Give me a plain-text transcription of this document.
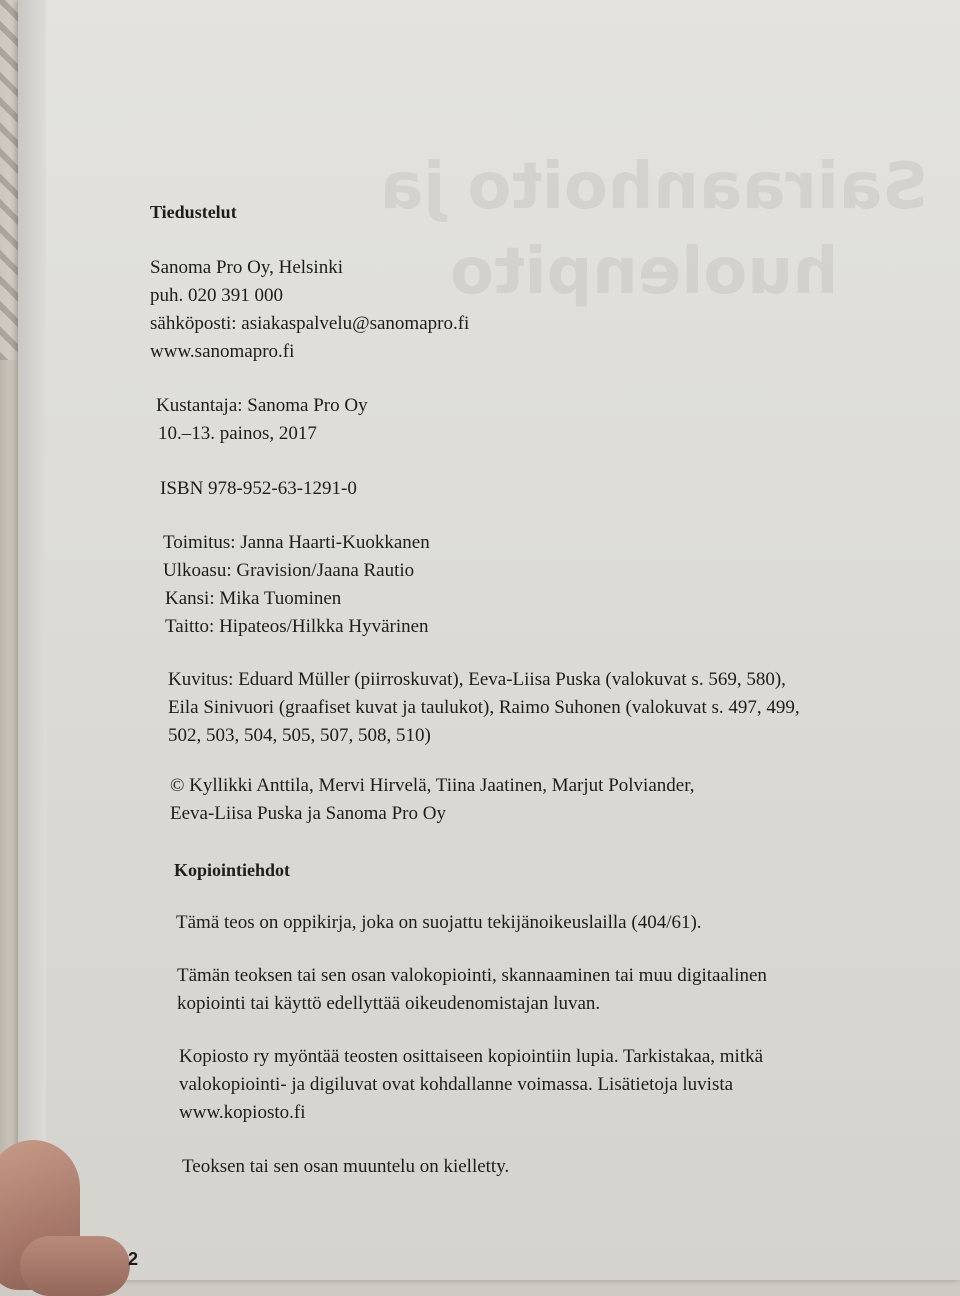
Sairaanhoito ja
huolenpito

Tiedustelut

Sanoma Pro Oy, Helsinki

puh. 020 391 000

sähköposti: asiakaspalvelu@sanomapro.fi

www.sanomapro.fi

Kustantaja: Sanoma Pro Oy

10.–13. painos, 2017

ISBN 978-952-63-1291-0

Toimitus: Janna Haarti-Kuokkanen

Ulkoasu: Gravision/Jaana Rautio

Kansi: Mika Tuominen

Taitto: Hipateos/Hilkka Hyvärinen

Kuvitus: Eduard Müller (piirroskuvat), Eeva-Liisa Puska (valokuvat s. 569, 580),

Eila Sinivuori (graafiset kuvat ja taulukot), Raimo Suhonen (valokuvat s. 497, 499,

502, 503, 504, 505, 507, 508, 510)

© Kyllikki Anttila, Mervi Hirvelä, Tiina Jaatinen, Marjut Polviander,

Eeva-Liisa Puska ja Sanoma Pro Oy

Kopiointiehdot

Tämä teos on oppikirja, joka on suojattu tekijänoikeuslailla (404/61).

Tämän teoksen tai sen osan valokopiointi, skannaaminen tai muu digitaalinen

kopiointi tai käyttö edellyttää oikeudenomistajan luvan.

Kopiosto ry myöntää teosten osittaiseen kopiointiin lupia. Tarkistakaa, mitkä

valokopiointi- ja digiluvat ovat kohdallanne voimassa. Lisätietoja luvista

www.kopiosto.fi

Teoksen tai sen osan muuntelu on kielletty.

2
